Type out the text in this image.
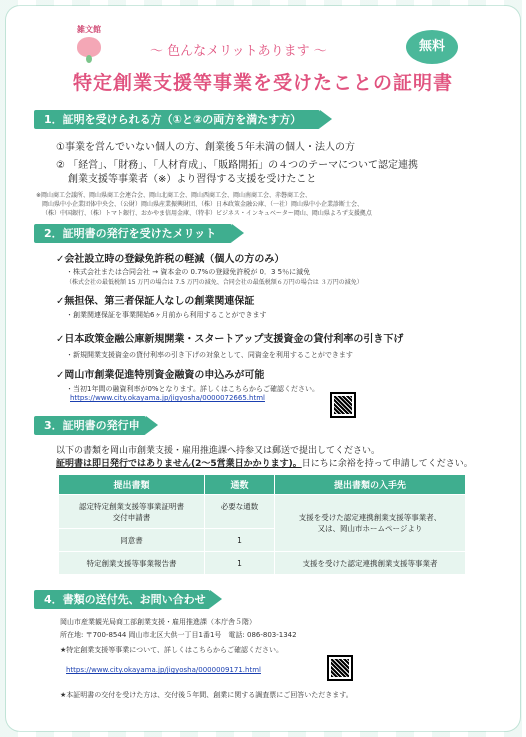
雑文館
～ 色んなメリットあります ～	無料
特定創業支援等事業を受けたことの証明書
1．証明を受けられる方（①と②の両方を満たす方）
①事業を営んでいない個人の方、創業後５年未満の個人・法人の方
② 「経営」、「財務」、「人材育成」、「販路開拓」の４つのテーマについて認定連携
創業支援等事業者（※）より習得する支援を受けたこと
※岡山商工会議所、岡山県商工会連合会、岡山北商工会、岡山西商工会、岡山南商工会、赤磐商工会、
岡山県中小企業団体中央会、（公財）岡山県産業振興財団、（株）日本政策金融公庫、（一社）岡山県中小企業診断士会、
（株）中国銀行、（株）トマト銀行、おかやま信用金庫、（特非）ビジネス・インキュベーター岡山、岡山県よろず支援拠点
2．証明書の発行を受けたメリット
✓会社設立時の登録免許税の軽減（個人の方のみ）
・株式会社または合同会社 → 資本金の 0.7%の登録免許税が 0．3 5％に減免
（株式会社の最低税額 15 万円の場合は 7.5 万円の減免、合同会社の最低税額６万円の場合は ３万円の減免）
✓無担保、第三者保証人なしの創業関連保証
・創業関連保証を事業開始6ヶ月前から利用することができます
✓日本政策金融公庫新規開業・スタートアップ支援資金の貸付利率の引き下げ
・新規開業支援資金の貸付利率の引き下げの対象として、同資金を利用することができます
✓岡山市創業促進特別資金融資の申込みが可能
・当初1年間の融資利率が0%となります。詳しくはこちらからご確認ください。
https://www.city.okayama.jp/jigyosha/0000072665.html
3．証明書の発行申請 以下の書類を岡山市創業支援・雇用推進課へ持参又は郵送で提出してください。
証明書は即日発行ではありません(2～5営業日かかります)。日にちに余裕を持って申請してください。
提出書類	通数	提出書類の入手先
認定特定創業支援等事業証明書
交付申請書	必要な通数	支援を受けた認定連携創業支援等事業者、
又は、岡山市ホームページより
同意書	1	
特定創業支援等事業報告書	1	支援を受けた認定連携創業支援等事業者
4．書類の送付先、お問い合わせ先 岡山市産業観光局商工部創業支援・雇用推進課（本庁舎５階）
所在地: 〒700-8544 岡山市北区大供一丁目1番1号　電話: 086-803-1342
★特定創業支援等事業について、詳しくはこちらからご確認ください。
https://www.city.okayama.jp/jigyosha/0000009171.html
★本証明書の交付を受けた方は、交付後５年間、創業に関する調査票にご回答いただきます。
